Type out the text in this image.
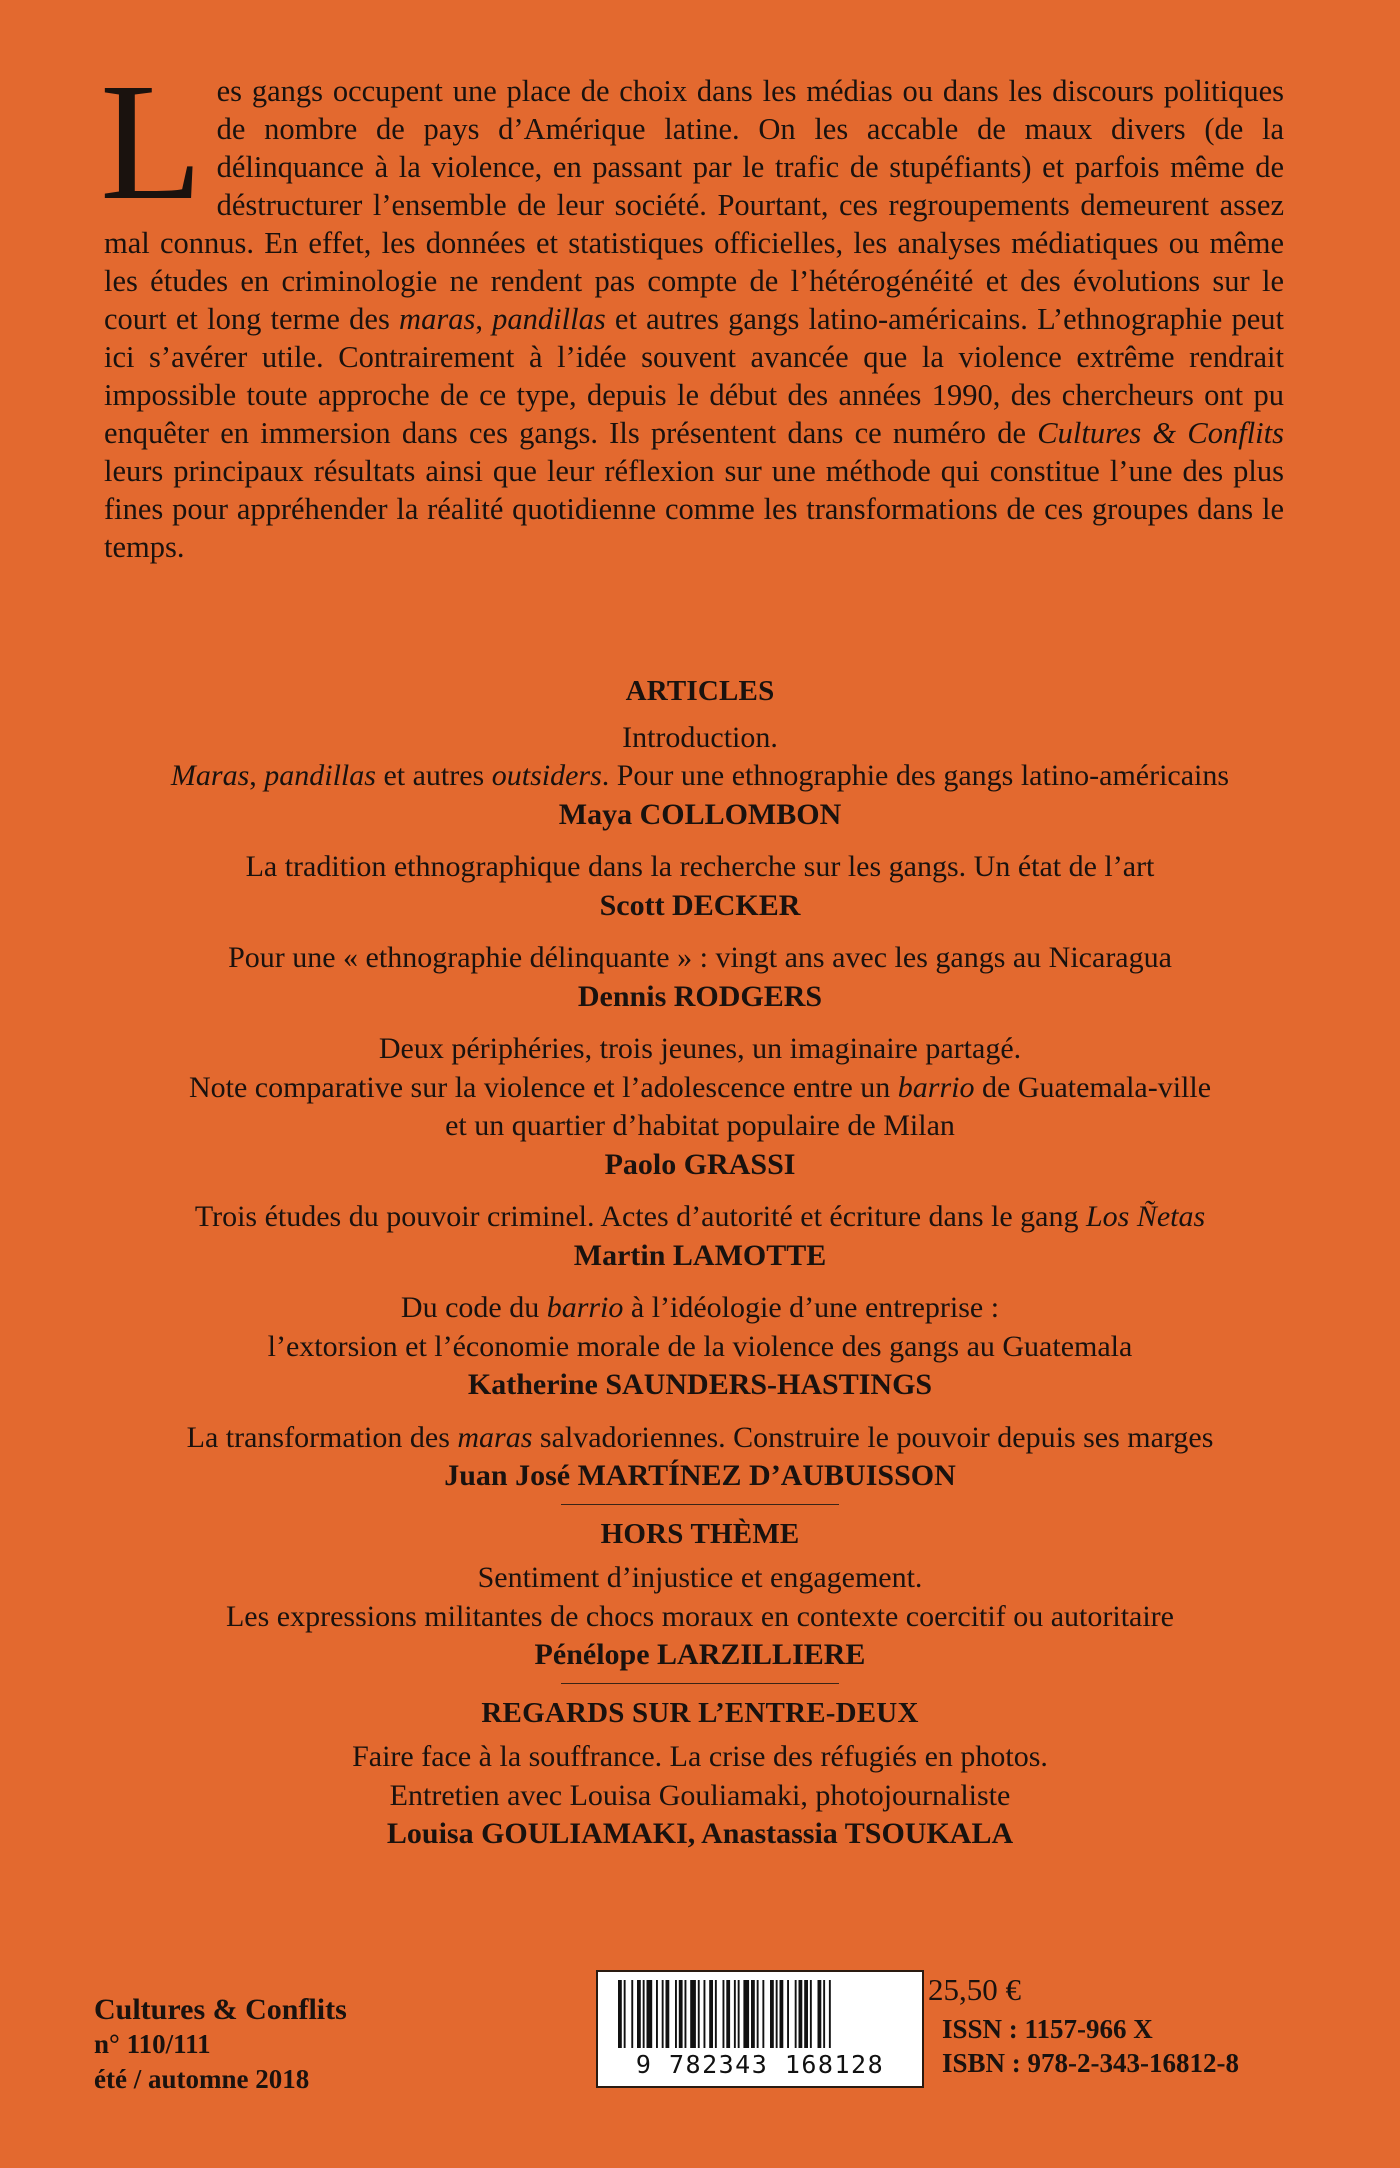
Les gangs occupent une place de choix dans les médias ou dans les discours politiques de nombre de pays d’Amérique latine. On les accable de maux divers (de la délinquance à la violence, en passant par le trafic de stupéfiants) et parfois même de déstructurer l’ensemble de leur société. Pourtant, ces regroupements demeurent assez mal connus. En effet, les données et statistiques officielles, les analyses médiatiques ou même les études en criminologie ne rendent pas compte de l’hétérogénéité et des évolutions sur le court et long terme des maras, pandillas et autres gangs latino-américains. L’ethnographie peut ici s’avérer utile. Contrairement à l’idée souvent avancée que la violence extrême rendrait impossible toute approche de ce type, depuis le début des années 1990, des chercheurs ont pu enquêter en immersion dans ces gangs. Ils présentent dans ce numéro de Cultures & Conflits leurs principaux résultats ainsi que leur réflexion sur une méthode qui constitue l’une des plus fines pour appréhender la réalité quotidienne comme les transformations de ces groupes dans le temps.
ARTICLES
Introduction.
Maras, pandillas et autres outsiders. Pour une ethnographie des gangs latino-américains
Maya COLLOMBON
La tradition ethnographique dans la recherche sur les gangs. Un état de l’art
Scott DECKER
Pour une « ethnographie délinquante » : vingt ans avec les gangs au Nicaragua
Dennis RODGERS
Deux périphéries, trois jeunes, un imaginaire partagé.
Note comparative sur la violence et l’adolescence entre un barrio de Guatemala-ville
et un quartier d’habitat populaire de Milan
Paolo GRASSI
Trois études du pouvoir criminel. Actes d’autorité et écriture dans le gang Los Ñetas
Martin LAMOTTE
Du code du barrio à l’idéologie d’une entreprise :
l’extorsion et l’économie morale de la violence des gangs au Guatemala
Katherine SAUNDERS-HASTINGS
La transformation des maras salvadoriennes. Construire le pouvoir depuis ses marges
Juan José MARTÍNEZ D’AUBUISSON
HORS THÈME
Sentiment d’injustice et engagement.
Les expressions militantes de chocs moraux en contexte coercitif ou autoritaire
Pénélope LARZILLIERE
REGARDS SUR L’ENTRE-DEUX
Faire face à la souffrance. La crise des réfugiés en photos.
Entretien avec Louisa Gouliamaki, photojournaliste
Louisa GOULIAMAKI, Anastassia TSOUKALA
Cultures & Conflits
n° 110/111
été / automne 2018	9 782343 168128
25,50 €
ISSN : 1157-966 X
ISBN : 978-2-343-16812-8
